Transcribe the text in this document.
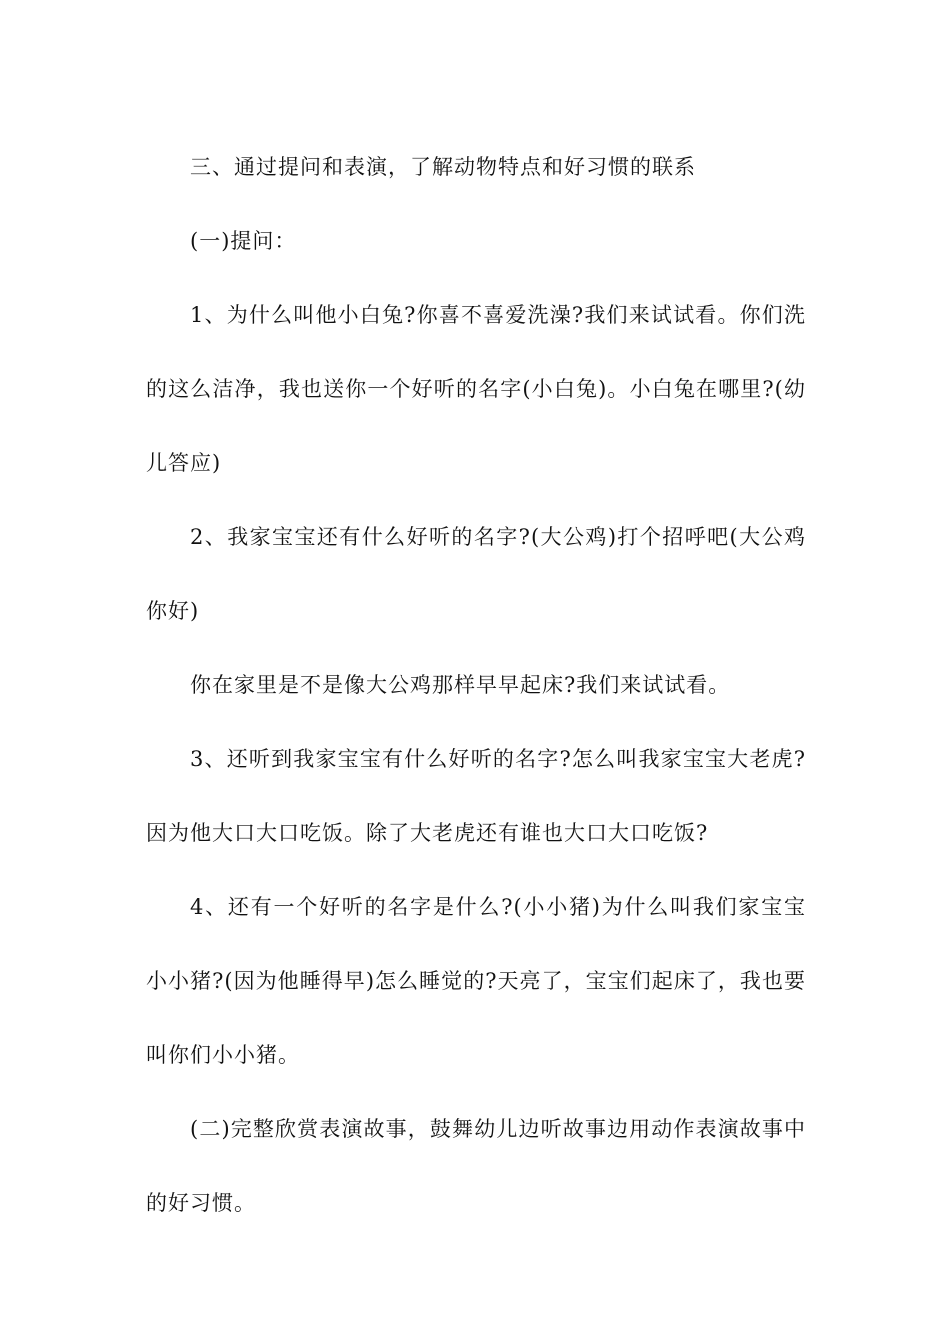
三、通过提问和表演，了解动物特点和好习惯的联系

(一)提问：

1、为什么叫他小白兔?你喜不喜爱洗澡?我们来试试看。你们洗的这么洁净，我也送你一个好听的名字(小白兔)。小白兔在哪里?(幼儿答应)

2、我家宝宝还有什么好听的名字?(大公鸡)打个招呼吧(大公鸡你好)

你在家里是不是像大公鸡那样早早起床?我们来试试看。

3、还听到我家宝宝有什么好听的名字?怎么叫我家宝宝大老虎?因为他大口大口吃饭。除了大老虎还有谁也大口大口吃饭?

4、还有一个好听的名字是什么?(小小猪)为什么叫我们家宝宝小小猪?(因为他睡得早)怎么睡觉的?天亮了，宝宝们起床了，我也要叫你们小小猪。

(二)完整欣赏表演故事，鼓舞幼儿边听故事边用动作表演故事中的好习惯。
